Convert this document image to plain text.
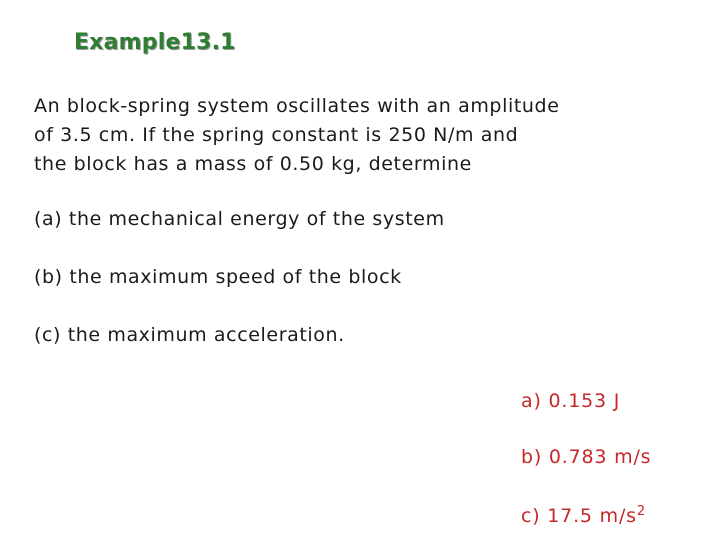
Example13.1
An block-spring system oscillates with an amplitude
of 3.5 cm. If the spring constant is 250 N/m and
the block has a mass of 0.50 kg, determine
(a) the mechanical energy of the system
(b) the maximum speed of the block
(c) the maximum acceleration.
a) 0.153 J
b) 0.783 m/s
c) 17.5 $m/s^2$
